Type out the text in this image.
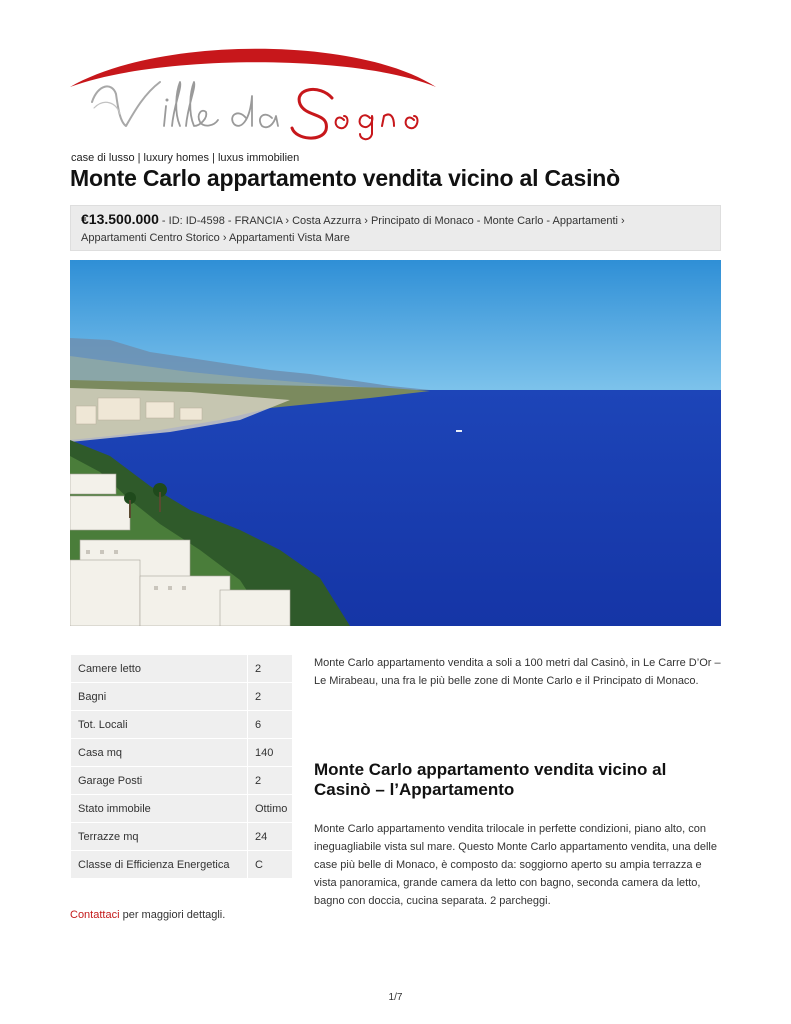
case di lusso | luxury homes | luxus immobilien
Monte Carlo appartamento vendita vicino al Casinò
€13.500.000 - ID: ID-4598 - FRANCIA › Costa Azzurra › Principato di Monaco - Monte Carlo - Appartamenti ›
Appartamenti Centro Storico › Appartamenti Vista Mare
Camere letto	2
Bagni	2
Tot. Locali	6
Casa mq	140
Garage Posti	2
Stato immobile	Ottimo
Terrazze mq	24
Classe di Efficienza Energetica	C
Contattaci per maggiori dettagli.

Monte Carlo appartamento vendita a soli a 100 metri dal Casinò, in Le Carre D’Or – Le Mirabeau, una fra le più belle zone di Monte Carlo e il Principato di Monaco.

Monte Carlo appartamento vendita vicino al Casinò – l’Appartamento

Monte Carlo appartamento vendita trilocale in perfette condizioni, piano alto, con ineguagliabile vista sul mare. Questo Monte Carlo appartamento vendita, una delle case più belle di Monaco, è composto da: soggiorno aperto su ampia terrazza e vista panoramica, grande camera da letto con bagno, seconda camera da letto, bagno con doccia, cucina separata. 2 parcheggi.

1/7
